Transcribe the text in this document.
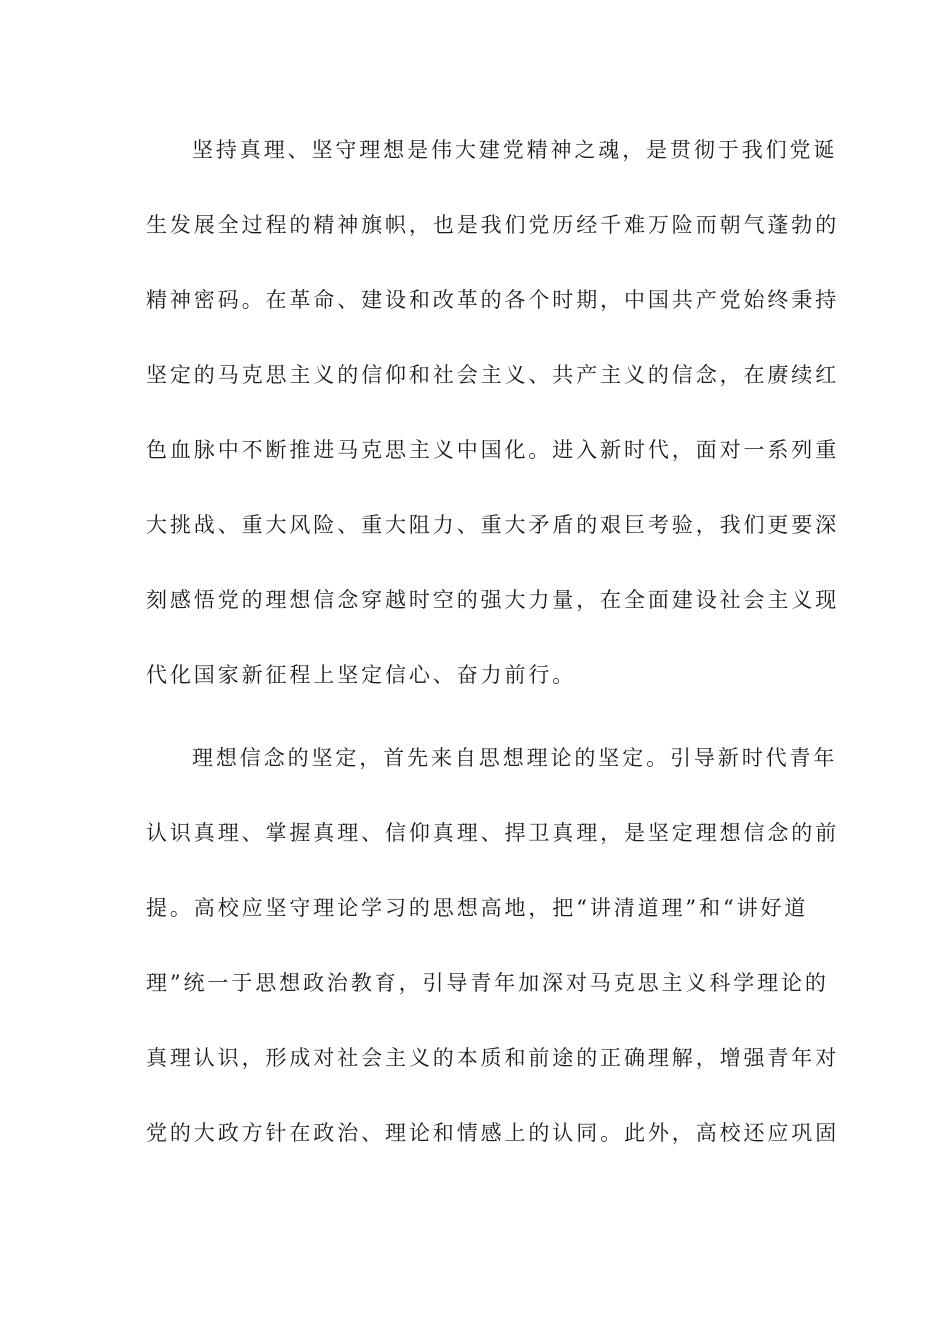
坚持真理、坚守理想是伟大建党精神之魂，是贯彻于我们党诞
生发展全过程的精神旗帜，也是我们党历经千难万险而朝气蓬勃的
精神密码。在革命、建设和改革的各个时期，中国共产党始终秉持
坚定的马克思主义的信仰和社会主义、共产主义的信念，在赓续红
色血脉中不断推进马克思主义中国化。进入新时代，面对一系列重
大挑战、重大风险、重大阻力、重大矛盾的艰巨考验，我们更要深
刻感悟党的理想信念穿越时空的强大力量，在全面建设社会主义现
代化国家新征程上坚定信心、奋力前行。
理想信念的坚定，首先来自思想理论的坚定。引导新时代青年
认识真理、掌握真理、信仰真理、捍卫真理，是坚定理想信念的前
提。高校应坚守理论学习的思想高地，把“讲清道理”和“讲好道
理”统一于思想政治教育，引导青年加深对马克思主义科学理论的
真理认识，形成对社会主义的本质和前途的正确理解，增强青年对
党的大政方针在政治、理论和情感上的认同。此外，高校还应巩固
